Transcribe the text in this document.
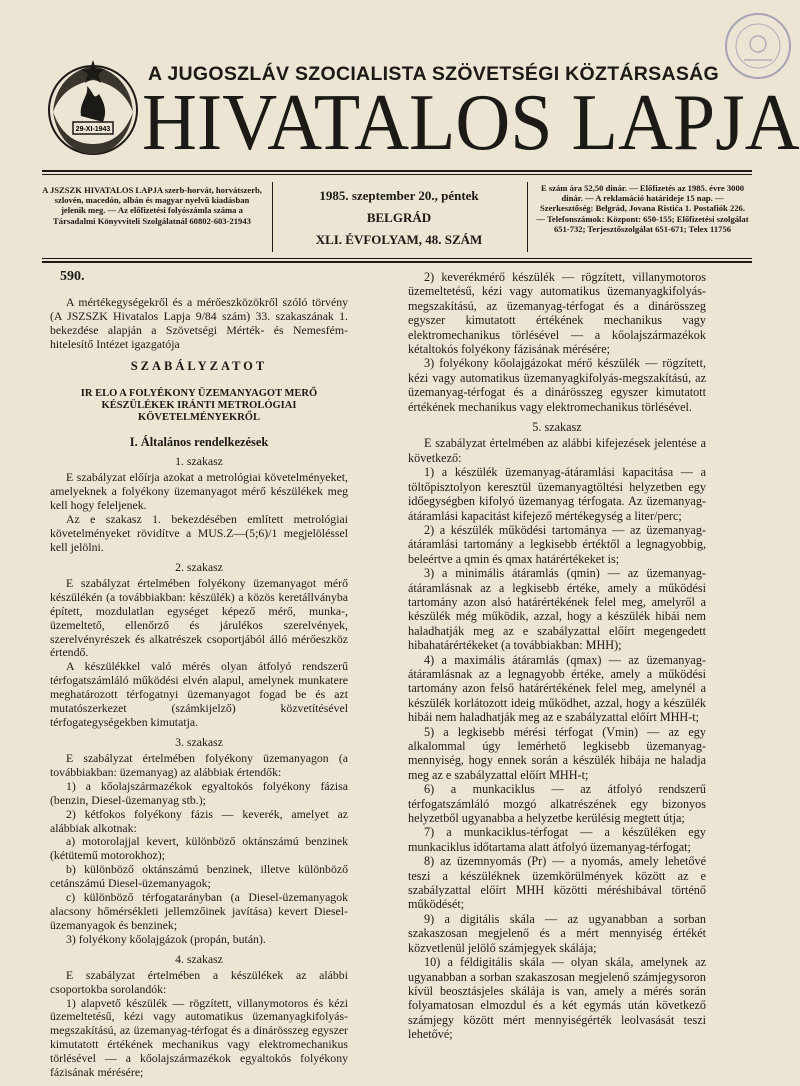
29-XI-1943
A JUGOSZLÁV SZOCIALISTA SZÖVETSÉGI KÖZTÁRSASÁG
HIVATALOS LAPJA
A JSZSZK HIVATALOS LAPJA szerb-horvát, horvátszerb, szlovén, macedón, albán és magyar nyelvű kiadásban jelenik meg. — Az előfizetési folyószámla száma a Társadalmi Könyvviteli Szolgálatnál 60802-603-21943
1985. szeptember 20., péntek
BELGRÁD
XLI. ÉVFOLYAM, 48. SZÁM
E szám ára 52,50 dinár. — Előfizetés az 1985. évre 3000 dinár. — A reklamáció határideje 15 nap. — Szerkesztőség: Belgrád, Jovana Ristića 1. Postafiók 226. — Telefonszámok: Központ: 650-155; Előfizetési szolgálat 651-732; Terjesztőszolgálat 651-671; Telex 11756

590.

A mértékegységekről és a mérőeszközökről szóló törvény (A JSZSZK Hivatalos Lapja 9/84 szám) 33. szakaszának 1. bekezdése alapján a Szövetségi Mérték- és Nemesfém-hitelesítő Intézet igazgatója

SZABÁLYZATOT

IR ELO A FOLYÉKONY ÜZEMANYAGOT MERŐ KÉSZÜLÉKEK IRÁNTI METROLÓGIAI KÖVETELMÉNYEKRŐL

I. Általános rendelkezések

1. szakasz

E szabályzat előírja azokat a metrológiai követelményeket, amelyeknek a folyékony üzemanyagot mérő készülékek meg kell hogy feleljenek.

Az e szakasz 1. bekezdésében említett metrológiai követelményeket rövidítve a MUS.Z—(5;6)/1 megjelöléssel kell jelölni.

2. szakasz

E szabályzat értelmében folyékony üzemanyagot mérő készülékén (a továbbiakban: készülék) a közös keretállványba épített, mozdulatlan egységet képező mérő, munka-, üzemeltető, ellenőrző és járulékos szerelvények, szerelvényrészek és alkatrészek csoportjából álló mérőeszköz értendő.

A készülékkel való mérés olyan átfolyó rendszerű térfogatszámláló működési elvén alapul, amelynek munkatere meghatározott térfogatnyi üzemanyagot fogad be és azt mutatószerkezet (számkijelző) közvetítésével térfogategységekben kimutatja.

3. szakasz

E szabályzat értelmében folyékony üzemanyagon (a továbbiakban: üzemanyag) az alábbiak értendők:

1) a kőolajszármazékok egyaltokós folyékony fázisa (benzin, Diesel-üzemanyag stb.);

2) kétfokos folyékony fázis — keverék, amelyet az alábbiak alkotnak:

a) motorolajjal kevert, különböző oktánszámú benzinek (kétütemű motorokhoz);

b) különböző oktánszámú benzinek, illetve különböző cetánszámú Diesel-üzemanyagok;

c) különböző térfogatarányban (a Diesel-üzemanyagok alacsony hőmérsékleti jellemzőinek javítása) kevert Diesel-üzemanyagok és benzinek;

3) folyékony kőolajgázok (propán, bután).

4. szakasz

E szabályzat értelmében a készülékek az alábbi csoportokba sorolandók:

1) alapvető készülék — rögzített, villanymotoros és kézi üzemeltetésű, kézi vagy automatikus üzemanyagkifolyás-megszakítású, az üzemanyag-térfogat és a dinárösszeg egyszer kimutatott értékének mechanikus vagy elektromechanikus törlésével — a kőolajszármazékok egyaltokós folyékony fázisának mérésére;

2) keverékmérő készülék — rögzített, villanymotoros üzemeltetésű, kézi vagy automatikus üzemanyagkifolyás-megszakítású, az üzemanyag-térfogat és a dinárösszeg egyszer kimutatott értékének mechanikus vagy elektromechanikus törlésével — a kőolajszármazékok kétaltokós folyékony fázisának mérésére;

3) folyékony kőolajgázokat mérő készülék — rögzített, kézi vagy automatikus üzemanyagkifolyás-megszakítású, az üzemanyag-térfogat és a dinárösszeg egyszer kimutatott értékének mechanikus vagy elektromechanikus törlésével.

5. szakasz

E szabályzat értelmében az alábbi kifejezések jelentése a következő:

1) a készülék üzemanyag-átáramlási kapacitása — a töltőpisztolyon keresztül üzemanyagtöltési helyzetben egy időegységben kifolyó üzemanyag térfogata. Az üzemanyag-átáramlási kapacitást kifejező mértékegység a liter/perc;

2) a készülék működési tartománya — az üzemanyag-átáramlási tartomány a legkisebb értéktől a legnagyobbig, beleértve a qmin és qmax határértékeket is;

3) a minimális átáramlás (qmin) — az üzemanyag-átáramlásnak az a legkisebb értéke, amely a működési tartomány azon alsó határértékének felel meg, amelyről a készülék még működik, azzal, hogy a készülék hibái nem haladhatják meg az e szabályzattal előírt megengedett hibahatárértékeket (a továbbiakban: MHH);

4) a maximális átáramlás (qmax) — az üzemanyag-átáramlásnak az a legnagyobb értéke, amely a működési tartomány azon felső határértékének felel meg, amelynél a készülék korlátozott ideig működhet, azzal, hogy a készülék hibái nem haladhatják meg az e szabályzattal előírt MHH-t;

5) a legkisebb mérési térfogat (Vmin) — az egy alkalommal úgy lemérhető legkisebb üzemanyag-mennyiség, hogy ennek során a készülék hibája ne haladja meg az e szabályzattal előírt MHH-t;

6) a munkaciklus — az átfolyó rendszerű térfogatszámláló mozgó alkatrészének egy bizonyos helyzetből ugyanabba a helyzetbe kerülésig megtett útja;

7) a munkaciklus-térfogat — a készüléken egy munkaciklus időtartama alatt átfolyó üzemanyag-térfogat;

8) az üzemnyomás (Pr) — a nyomás, amely lehetővé teszi a készüléknek üzemkörülmények között az e szabályzattal előírt MHH közötti méréshibával történő működését;

9) a digitális skála — az ugyanabban a sorban szakaszosan megjelenő és a mért mennyiség értékét közvetlenül jelölő számjegyek skálája;

10) a féldigitális skála — olyan skála, amelynek az ugyanabban a sorban szakaszosan megjelenő számjegysoron kívül beosztásjeles skálája is van, amely a mérés során folyamatosan elmozdul és a két egymás után következő számjegy között mért mennyiségérték leolvasását teszi lehetővé;
